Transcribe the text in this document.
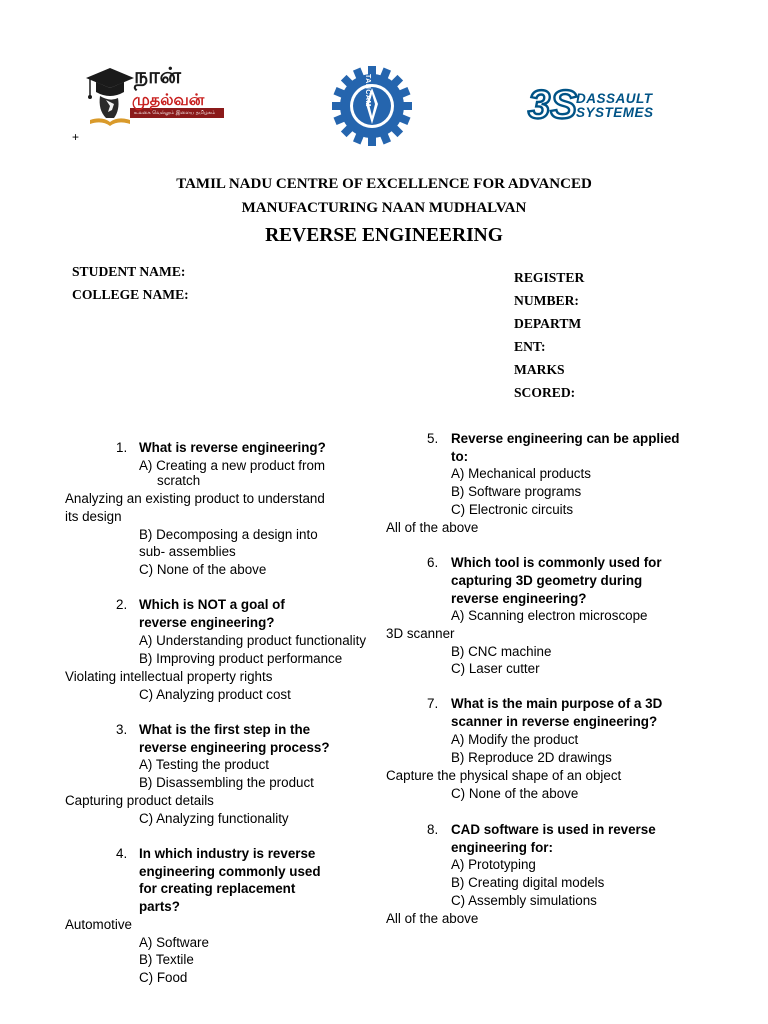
நான்
முதல்வன்
உலகை வெல்லும் இளைய தமிழகம்
TANCAM	3S DASSAULT
SYSTEMES
+
TAMIL NADU CENTRE OF EXCELLENCE FOR ADVANCED
MANUFACTURING NAAN MUDHALVAN
REVERSE ENGINEERING
STUDENT NAME:
COLLEGE NAME:
REGISTER
NUMBER:
DEPARTM
ENT:
MARKS
SCORED:
1. What is reverse engineering?
A) Creating a new product from
scratch
Analyzing an existing product to understand
its design
B) Decomposing a design into
sub- assemblies
C) None of the above
2. Which is NOT a goal of
reverse engineering?
A) Understanding product functionality
B) Improving product performance
Violating intellectual property rights
C) Analyzing product cost
3. What is the first step in the
reverse engineering process?
A) Testing the product
B) Disassembling the product
Capturing product details
C) Analyzing functionality
4. In which industry is reverse
engineering commonly used
for creating replacement
parts?
Automotive
A) Software
B) Textile
C) Food
5. Reverse engineering can be applied
to:
A) Mechanical products
B) Software programs
C) Electronic circuits
All of the above
6. Which tool is commonly used for
capturing 3D geometry during
reverse engineering?
A) Scanning electron microscope
3D scanner
B) CNC machine
C) Laser cutter
7. What is the main purpose of a 3D
scanner in reverse engineering?
A) Modify the product
B) Reproduce 2D drawings
Capture the physical shape of an object
C) None of the above
8. CAD software is used in reverse
engineering for:
A) Prototyping
B) Creating digital models
C) Assembly simulations
All of the above
